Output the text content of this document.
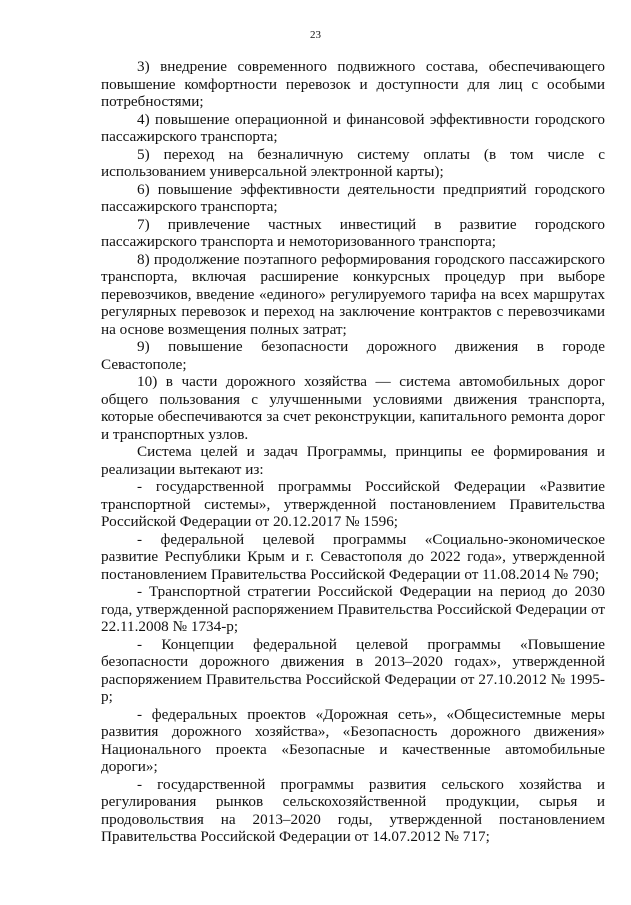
23

3) внедрение современного подвижного состава, обеспечивающего повышение комфортности перевозок и доступности для лиц с особыми потребностями;

4) повышение операционной и финансовой эффективности городского пассажирского транспорта;

5) переход на безналичную систему оплаты (в том числе с использованием универсальной электронной карты);

6) повышение эффективности деятельности предприятий городского пассажирского транспорта;

7) привлечение частных инвестиций в развитие городского пассажирского транспорта и немоторизованного транспорта;

8) продолжение поэтапного реформирования городского пассажирского транспорта, включая расширение конкурсных процедур при выборе перевозчиков, введение «единого» регулируемого тарифа на всех маршрутах регулярных перевозок и переход на заключение контрактов с перевозчиками на основе возмещения полных затрат;

9) повышение безопасности дорожного движения в городе Севастополе;

10) в части дорожного хозяйства — система автомобильных дорог общего пользования с улучшенными условиями движения транспорта, которые обеспечиваются за счет реконструкции, капитального ремонта дорог и транспортных узлов.

Система целей и задач Программы, принципы ее формирования и реализации вытекают из:

- государственной программы Российской Федерации «Развитие транспортной системы», утвержденной постановлением Правительства Российской Федерации от 20.12.2017 № 1596;

- федеральной целевой программы «Социально-экономическое развитие Республики Крым и г. Севастополя до 2022 года», утвержденной постановлением Правительства Российской Федерации от 11.08.2014 № 790;

- Транспортной стратегии Российской Федерации на период до 2030 года, утвержденной распоряжением Правительства Российской Федерации от 22.11.2008 № 1734-р;

- Концепции федеральной целевой программы «Повышение безопасности дорожного движения в 2013–2020 годах», утвержденной распоряжением Правительства Российской Федерации от 27.10.2012 № 1995-р;

- федеральных проектов «Дорожная сеть», «Общесистемные меры развития дорожного хозяйства», «Безопасность дорожного движения» Национального проекта «Безопасные и качественные автомобильные дороги»;

- государственной программы развития сельского хозяйства и регулирования рынков сельскохозяйственной продукции, сырья и продовольствия на 2013–2020 годы, утвержденной постановлением Правительства Российской Федерации от 14.07.2012 № 717;
